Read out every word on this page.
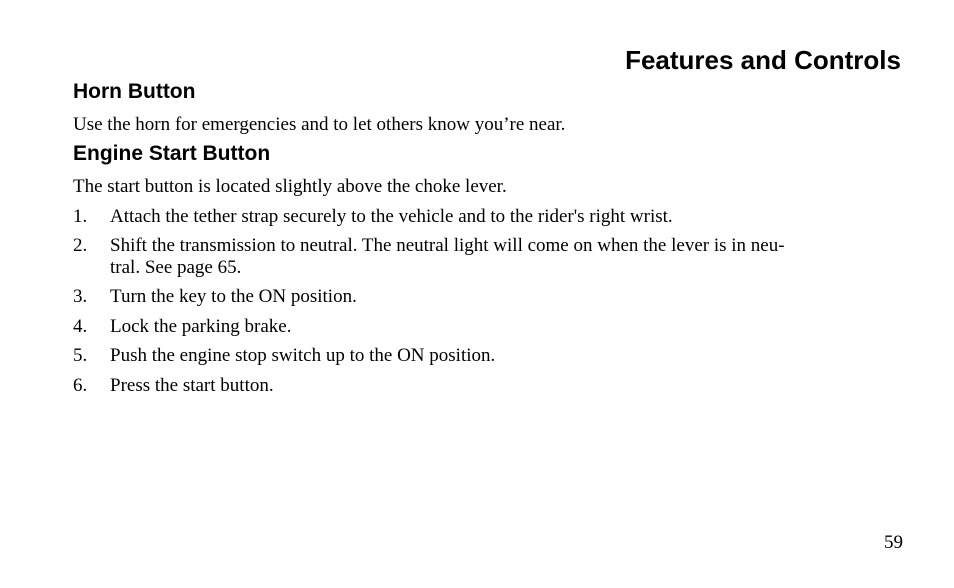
Features and Controls
Horn Button
Use the horn for emergencies and to let others know you’re near.
Engine Start Button
The start button is located slightly above the choke lever.
1. Attach the tether strap securely to the vehicle and to the rider's right wrist.
2. Shift the transmission to neutral. The neutral light will come on when the lever is in neu-
tral. See page 65.
3. Turn the key to the ON position.
4. Lock the parking brake.
5. Push the engine stop switch up to the ON position.
6. Press the start button.
59
